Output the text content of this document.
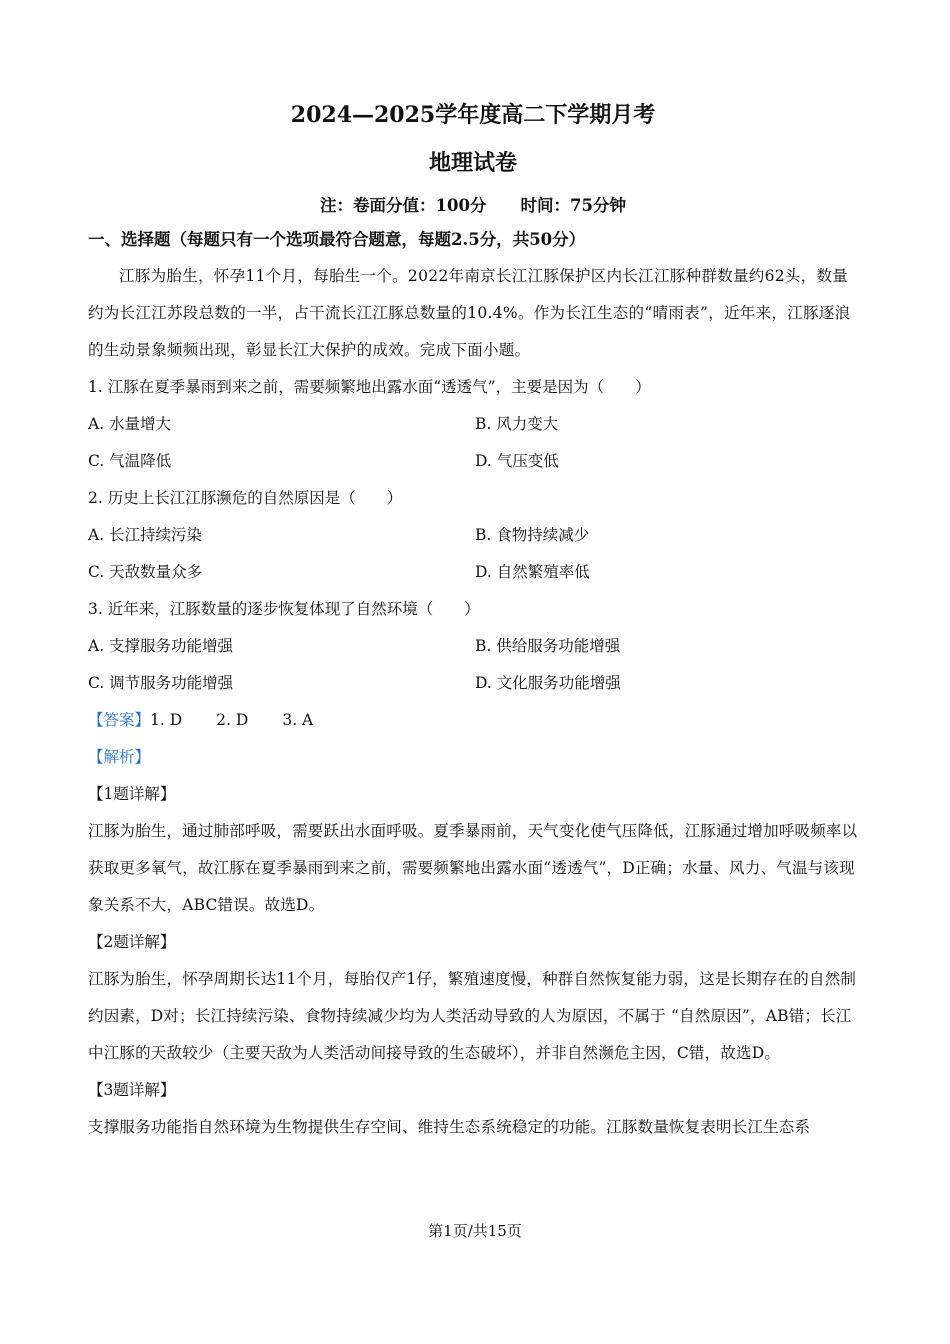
2024—2025学年度高二下学期月考
地理试卷
注：卷面分值：100分 时间：75分钟
一、选择题（每题只有一个选项最符合题意，每题2.5分，共50分）
江豚为胎生，怀孕11个月，每胎生一个。2022年南京长江江豚保护区内长江江豚种群数量约62头，数量约为长江江苏段总数的一半，占干流长江江豚总数量的10.4%。作为长江生态的“晴雨表”，近年来，江豚逐浪的生动景象频频出现，彰显长江大保护的成效。完成下面小题。
1. 江豚在夏季暴雨到来之前，需要频繁地出露水面“透透气”，主要是因为（　　）
A. 水量增大	B. 风力变大
C. 气温降低	D. 气压变低
2. 历史上长江江豚濒危的自然原因是（　　）
A. 长江持续污染	B. 食物持续减少
C. 天敌数量众多	D. 自然繁殖率低
3. 近年来，江豚数量的逐步恢复体现了自然环境（　　）
A. 支撑服务功能增强	B. 供给服务功能增强
C. 调节服务功能增强	D. 文化服务功能增强
【答案】1. D 2. D 3. A
【解析】
【1题详解】
江豚为胎生，通过肺部呼吸，需要跃出水面呼吸。夏季暴雨前，天气变化使气压降低，江豚通过增加呼吸频率以获取更多氧气，故江豚在夏季暴雨到来之前，需要频繁地出露水面“透透气”，D正确；水量、风力、气温与该现象关系不大，ABC错误。故选D。
【2题详解】
江豚为胎生，怀孕周期长达11个月，每胎仅产1仔，繁殖速度慢，种群自然恢复能力弱，这是长期存在的自然制约因素，D对；长江持续污染、食物持续减少均为人类活动导致的人为原因，不属于 “自然原因”，AB错；长江中江豚的天敌较少（主要天敌为人类活动间接导致的生态破坏），并非自然濒危主因，C错，故选D。
【3题详解】
支撑服务功能指自然环境为生物提供生存空间、维持生态系统稳定的功能。江豚数量恢复表明长江生态系
第1页/共15页
